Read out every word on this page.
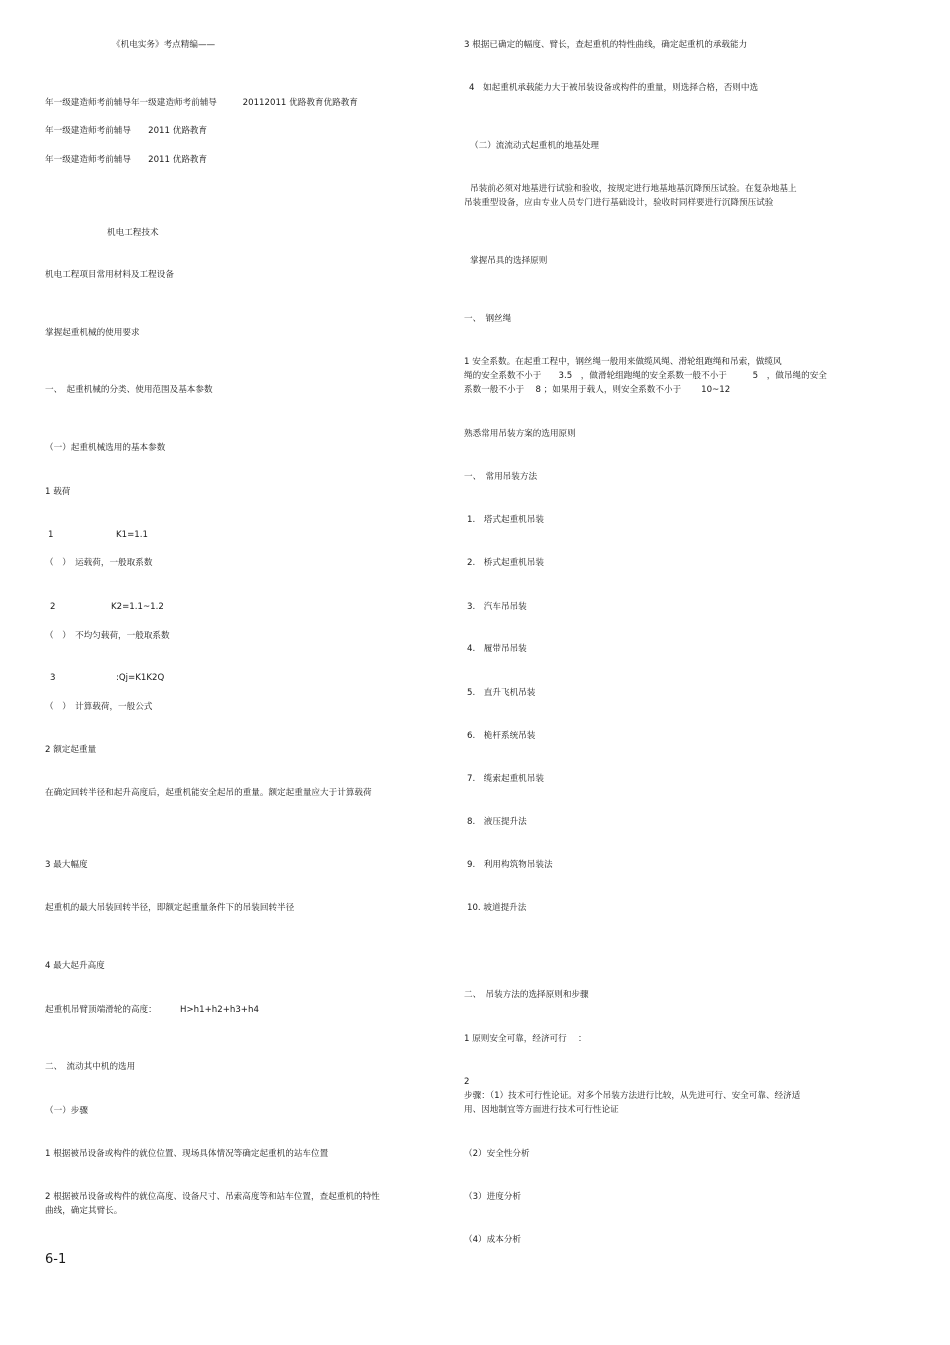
《机电实务》考点精编——

年一级建造师考前辅导年一级建造师考前辅导　　　20112011 优路教育优路教育

年一级建造师考前辅导　　2011 优路教育

年一级建造师考前辅导　　2011 优路教育

机电工程技术

机电工程项目常用材料及工程设备

掌握起重机械的使用要求

一、　起重机械的分类、使用范围及基本参数

（一）起重机械选用的基本参数

1 载荷

1	K1=1.1

（　）　运载荷，一般取系数

2	K2=1.1~1.2

（　）　不均匀载荷，一般取系数

3	:Qj=K1K2Q

（　）　计算载荷，一般公式

2 额定起重量

在确定回转半径和起升高度后，起重机能安全起吊的重量。额定起重量应大于计算载荷

3 最大幅度

起重机的最大吊装回转半径，即额定起重量条件下的吊装回转半径

4 最大起升高度

起重机吊臂顶端滑轮的高度：	H>h1+h2+h3+h4

二、　流动其中机的选用

（一）步骤

1 根据被吊设备或构件的就位位置、现场具体情况等确定起重机的站车位置

2 根据被吊设备或构件的就位高度、设备尺寸、吊索高度等和站车位置，查起重机的特性曲线，确定其臂长。

3 根据已确定的幅度、臂长，查起重机的特性曲线，确定起重机的承载能力

4　如起重机承载能力大于被吊装设备或构件的重量，则选择合格，否则中选

（二）流流动式起重机的地基处理

吊装前必须对地基进行试验和验收，按规定进行地基地基沉降预压试验。在复杂地基上吊装重型设备，应由专业人员专门进行基础设计，验收时同样要进行沉降预压试验

掌握吊具的选择原则

一、　钢丝绳

1 安全系数。在起重工程中，钢丝绳一般用来做缆风绳、滑轮组跑绳和吊索，做缆风

绳的安全系数不小于　　3.5　，做滑轮组跑绳的安全系数一般不小于　　　5　，做吊绳的安全

系数一般不小于　 8 ；如果用于载人，则安全系数不小于　　 10~12

熟悉常用吊装方案的选用原则

一、　常用吊装方法

1.　塔式起重机吊装

2.　桥式起重机吊装

3.　汽车吊吊装

4.　履带吊吊装

5.　直升飞机吊装

6.　桅杆系统吊装

7.　缆索起重机吊装

8.　液压提升法

9.　利用构筑物吊装法

10. 坡道提升法

二、　吊装方法的选择原则和步骤

1 原则安全可靠，经济可行　 ：

2

步骤：（1）技术可行性论证。对多个吊装方法进行比较，从先进可行、安全可靠、经济适用、因地制宜等方面进行技术可行性论证

（2）安全性分析

（3）进度分析

（4）成本分析

6-1
